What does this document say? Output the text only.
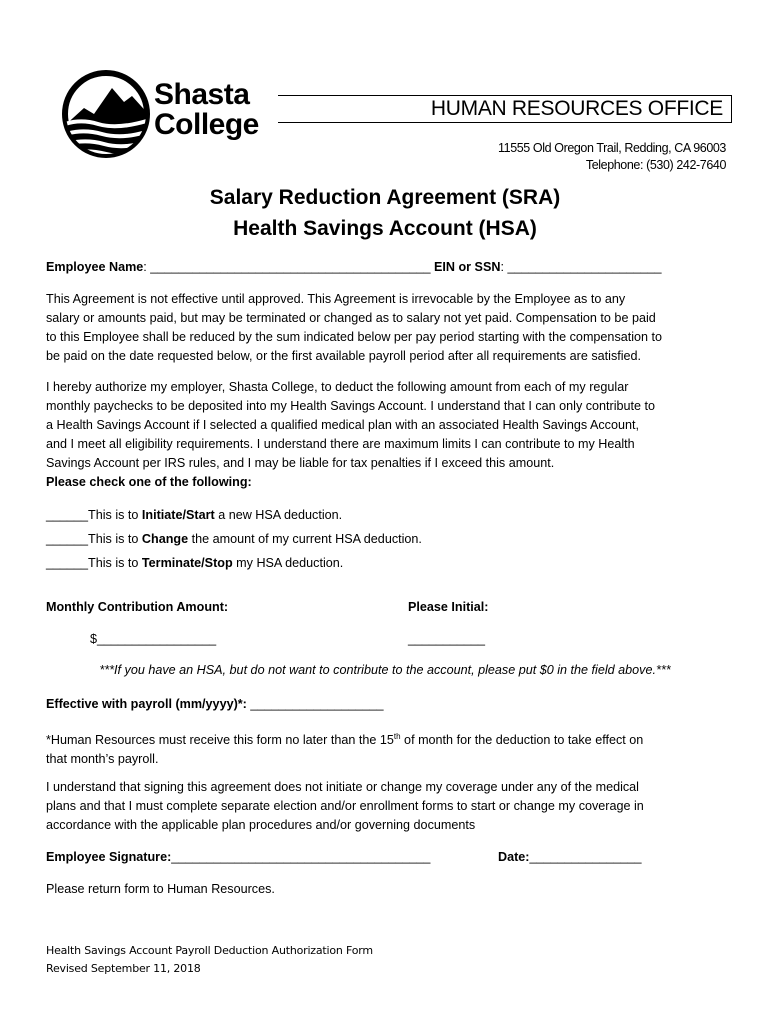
Shasta
College	HUMAN RESOURCES OFFICE
11555 Old Oregon Trail, Redding, CA 96003
Telephone: (530) 242-7640
Salary Reduction Agreement (SRA)
Health Savings Account (HSA)
Employee Name: ________________________________________ EIN or SSN: ______________________

This Agreement is not effective until approved. This Agreement is irrevocable by the Employee as to any

salary or amounts paid, but may be terminated or changed as to salary not yet paid. Compensation to be paid

to this Employee shall be reduced by the sum indicated below per pay period starting with the compensation to

be paid on the date requested below, or the first available payroll period after all requirements are satisfied.

I hereby authorize my employer, Shasta College, to deduct the following amount from each of my regular

monthly paychecks to be deposited into my Health Savings Account. I understand that I can only contribute to

a Health Savings Account if I selected a qualified medical plan with an associated Health Savings Account,

and I meet all eligibility requirements. I understand there are maximum limits I can contribute to my Health

Savings Account per IRS rules, and I may be liable for tax penalties if I exceed this amount.

Please check one of the following:

______This is to Initiate/Start a new HSA deduction.
______This is to Change the amount of my current HSA deduction.
______This is to Terminate/Stop my HSA deduction.
Monthly Contribution Amount:	Please Initial:
$_________________	___________
***If you have an HSA, but do not want to contribute to the account, please put $0 in the field above.***
Effective with payroll (mm/yyyy)*: ___________________

*Human Resources must receive this form no later than the 15th of month for the deduction to take effect on

that month’s payroll.

I understand that signing this agreement does not initiate or change my coverage under any of the medical

plans and that I must complete separate election and/or enrollment forms to start or change my coverage in

accordance with the applicable plan procedures and/or governing documents

Employee Signature:_____________________________________	Date:________________
Please return form to Human Resources.
Health Savings Account Payroll Deduction Authorization Form
Revised September 11, 2018
